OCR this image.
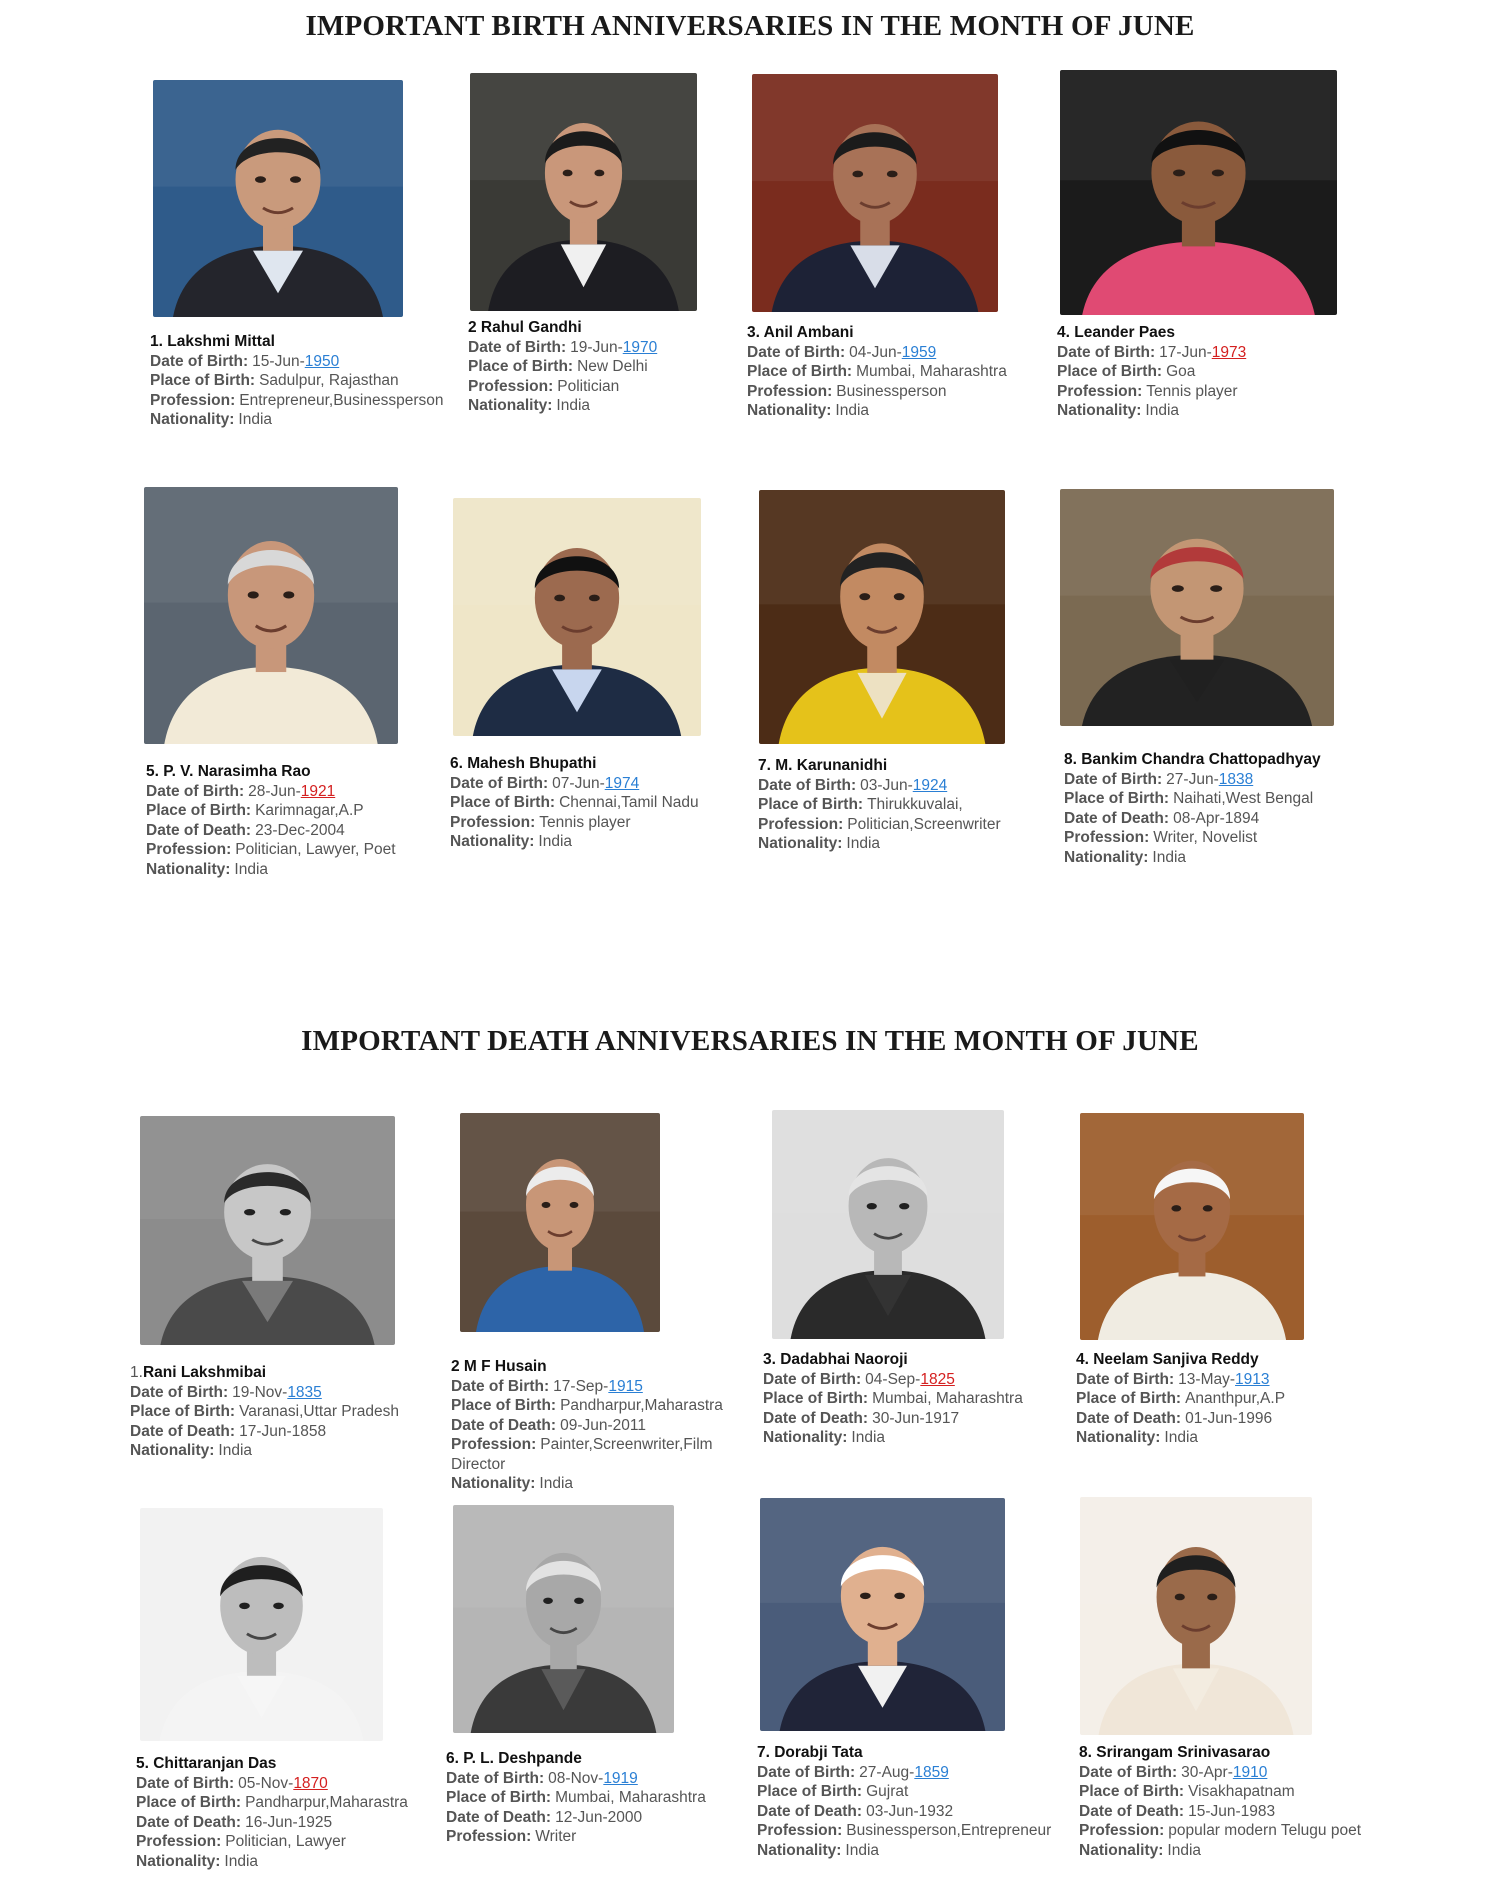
IMPORTANT BIRTH ANNIVERSARIES IN THE MONTH OF JUNE
IMPORTANT DEATH ANNIVERSARIES IN THE MONTH OF JUNE
1. Lakshmi Mittal
Date of Birth: 15-Jun-1950
Place of Birth: Sadulpur, Rajasthan
Profession: Entrepreneur,Businessperson
Nationality: India
2 Rahul Gandhi
Date of Birth: 19-Jun-1970
Place of Birth: New Delhi
Profession: Politician
Nationality: India
3. Anil Ambani
Date of Birth: 04-Jun-1959
Place of Birth: Mumbai, Maharashtra
Profession: Businessperson
Nationality: India
4. Leander Paes
Date of Birth: 17-Jun-1973
Place of Birth: Goa
Profession: Tennis player
Nationality: India
5. P. V. Narasimha Rao
Date of Birth: 28-Jun-1921
Place of Birth: Karimnagar,A.P
Date of Death: 23-Dec-2004
Profession: Politician, Lawyer, Poet
Nationality: India
6. Mahesh Bhupathi
Date of Birth: 07-Jun-1974
Place of Birth: Chennai,Tamil Nadu
Profession: Tennis player
Nationality: India
7. M. Karunanidhi
Date of Birth: 03-Jun-1924
Place of Birth: Thirukkuvalai,
Profession: Politician,Screenwriter
Nationality: India
8. Bankim Chandra Chattopadhyay
Date of Birth: 27-Jun-1838
Place of Birth: Naihati,West Bengal
Date of Death: 08-Apr-1894
Profession: Writer, Novelist
Nationality: India
1.Rani Lakshmibai
Date of Birth: 19-Nov-1835
Place of Birth: Varanasi,Uttar Pradesh
Date of Death: 17-Jun-1858
Nationality: India
2 M F Husain
Date of Birth: 17-Sep-1915
Place of Birth: Pandharpur,Maharastra
Date of Death: 09-Jun-2011
Profession: Painter,Screenwriter,Film
Director
Nationality: India
3. Dadabhai Naoroji
Date of Birth: 04-Sep-1825
Place of Birth: Mumbai, Maharashtra
Date of Death: 30-Jun-1917
Nationality: India
4. Neelam Sanjiva Reddy
Date of Birth: 13-May-1913
Place of Birth: Ananthpur,A.P
Date of Death: 01-Jun-1996
Nationality: India
5. Chittaranjan Das
Date of Birth: 05-Nov-1870
Place of Birth: Pandharpur,Maharastra
Date of Death: 16-Jun-1925
Profession: Politician, Lawyer
Nationality: India
6. P. L. Deshpande
Date of Birth: 08-Nov-1919
Place of Birth: Mumbai, Maharashtra
Date of Death: 12-Jun-2000
Profession: Writer
7. Dorabji Tata
Date of Birth: 27-Aug-1859
Place of Birth: Gujrat
Date of Death: 03-Jun-1932
Profession: Businessperson,Entrepreneur
Nationality: India
8. Srirangam Srinivasarao
Date of Birth: 30-Apr-1910
Place of Birth: Visakhapatnam
Date of Death: 15-Jun-1983
Profession: popular modern Telugu poet
Nationality: India
